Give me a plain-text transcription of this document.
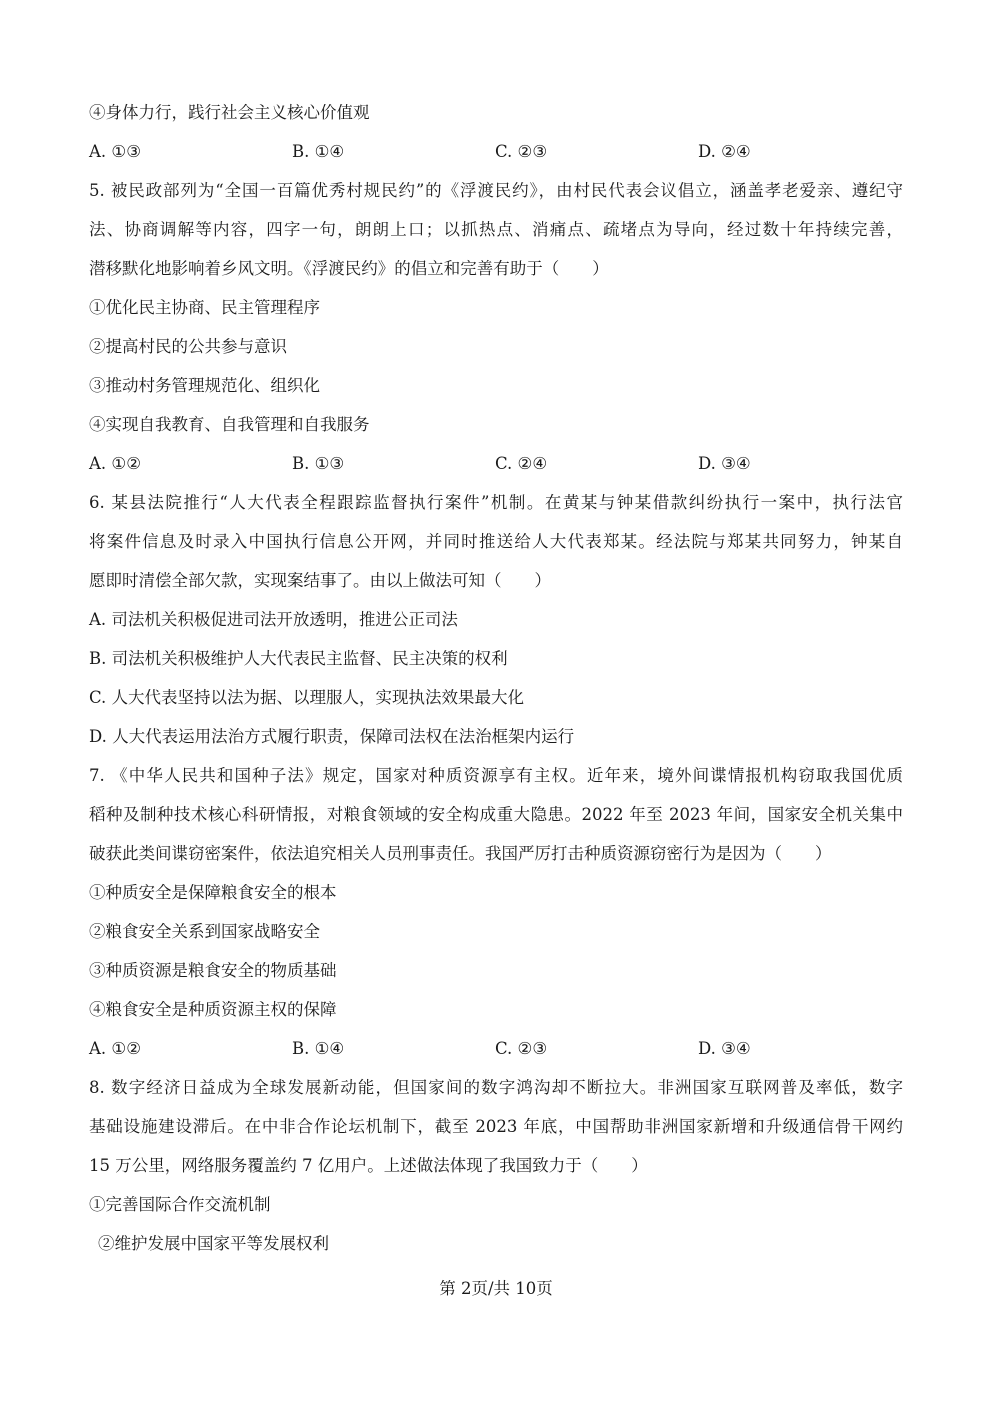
④身体力行，践行社会主义核心价值观
A. ①③	B. ①④	C. ②③	D. ②④
5. 被民政部列为“全国一百篇优秀村规民约”的《浮渡民约》，由村民代表会议倡立，涵盖孝老爱亲、遵纪守
法、协商调解等内容，四字一句，朗朗上口；以抓热点、消痛点、疏堵点为导向，经过数十年持续完善，
潜移默化地影响着乡风文明。《浮渡民约》的倡立和完善有助于（　　）
①优化民主协商、民主管理程序
②提高村民的公共参与意识
③推动村务管理规范化、组织化
④实现自我教育、自我管理和自我服务
A. ①②	B. ①③	C. ②④	D. ③④
6. 某县法院推行“人大代表全程跟踪监督执行案件”机制。在黄某与钟某借款纠纷执行一案中，执行法官
将案件信息及时录入中国执行信息公开网，并同时推送给人大代表郑某。经法院与郑某共同努力，钟某自
愿即时清偿全部欠款，实现案结事了。由以上做法可知（　　）
A. 司法机关积极促进司法开放透明，推进公正司法
B. 司法机关积极维护人大代表民主监督、民主决策的权利
C. 人大代表坚持以法为据、以理服人，实现执法效果最大化
D. 人大代表运用法治方式履行职责，保障司法权在法治框架内运行
7. 《中华人民共和国种子法》规定，国家对种质资源享有主权。近年来，境外间谍情报机构窃取我国优质
稻种及制种技术核心科研情报，对粮食领域的安全构成重大隐患。2022 年至 2023 年间，国家安全机关集中
破获此类间谍窃密案件，依法追究相关人员刑事责任。我国严厉打击种质资源窃密行为是因为（　　）
①种质安全是保障粮食安全的根本
②粮食安全关系到国家战略安全
③种质资源是粮食安全的物质基础
④粮食安全是种质资源主权的保障
A. ①②	B. ①④	C. ②③	D. ③④
8. 数字经济日益成为全球发展新动能，但国家间的数字鸿沟却不断拉大。非洲国家互联网普及率低，数字
基础设施建设滞后。在中非合作论坛机制下，截至 2023 年底，中国帮助非洲国家新增和升级通信骨干网约
15 万公里，网络服务覆盖约 7 亿用户。上述做法体现了我国致力于（　　）
①完善国际合作交流机制
②维护发展中国家平等发展权利
第 2页/共 10页
